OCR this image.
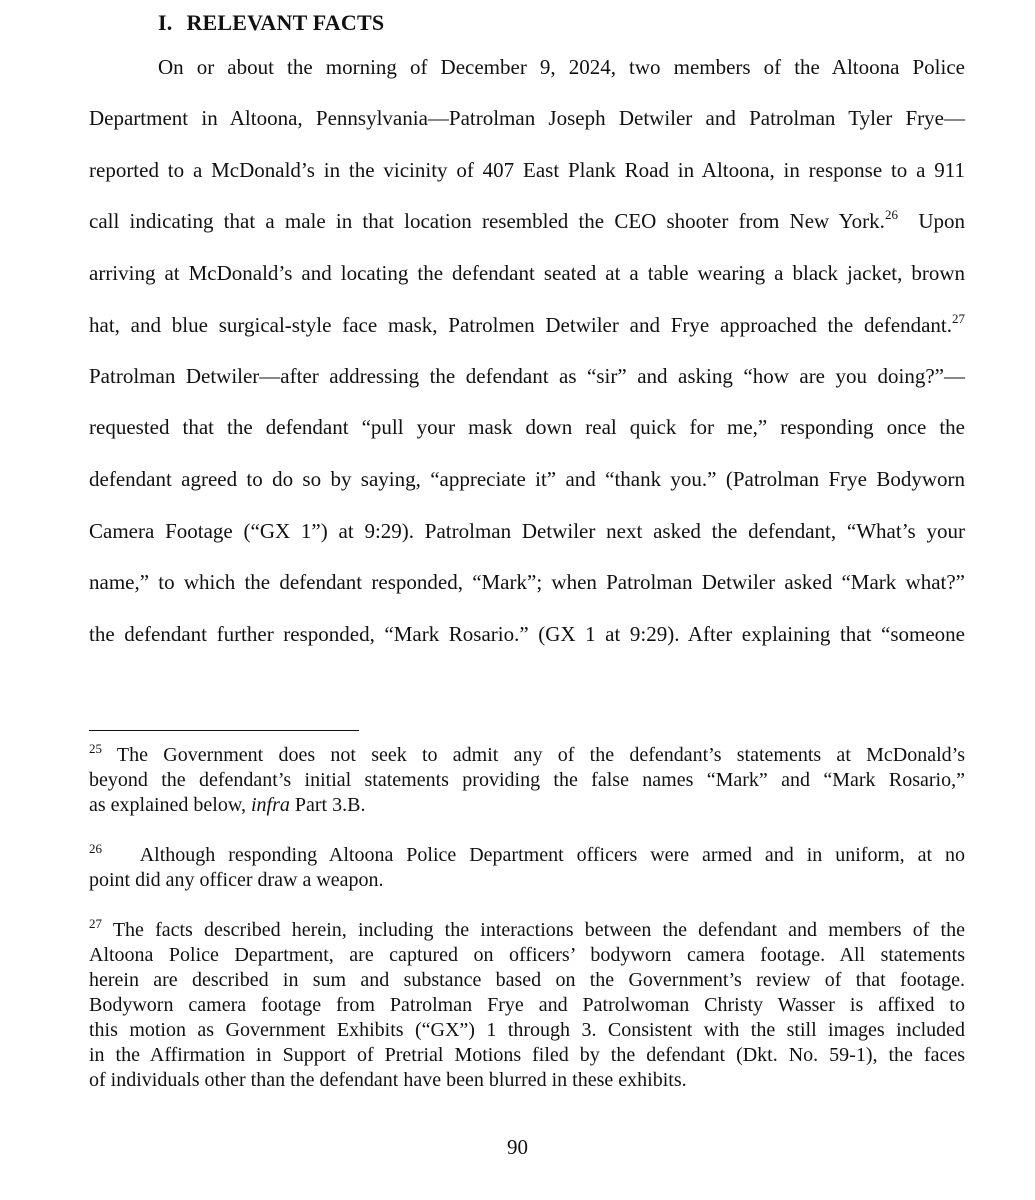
I. RELEVANT FACTS
On or about the morning of December 9, 2024, two members of the Altoona Police
Department in Altoona, Pennsylvania—Patrolman Joseph Detwiler and Patrolman Tyler Frye—
reported to a McDonald’s in the vicinity of 407 East Plank Road in Altoona, in response to a 911
call indicating that a male in that location resembled the CEO shooter from New York.$^{26}$ Upon
arriving at McDonald’s and locating the defendant seated at a table wearing a black jacket, brown
hat, and blue surgical-style face mask, Patrolmen Detwiler and Frye approached the defendant.$^{27}$
Patrolman Detwiler—after addressing the defendant as “sir” and asking “how are you doing?”—
requested that the defendant “pull your mask down real quick for me,” responding once the
defendant agreed to do so by saying, “appreciate it” and “thank you.” (Patrolman Frye Bodyworn
Camera Footage (“GX 1”) at 9:29). Patrolman Detwiler next asked the defendant, “What’s your
name,” to which the defendant responded, “Mark”; when Patrolman Detwiler asked “Mark what?”
the defendant further responded, “Mark Rosario.” (GX 1 at 9:29). After explaining that “someone
$^{25}$ The Government does not seek to admit any of the defendant’s statements at McDonald’s
beyond the defendant’s initial statements providing the false names “Mark” and “Mark Rosario,”
as explained below, infra Part 3.B.
$^{26}$ Although responding Altoona Police Department officers were armed and in uniform, at no
point did any officer draw a weapon.
$^{27}$ The facts described herein, including the interactions between the defendant and members of the
Altoona Police Department, are captured on officers’ bodyworn camera footage. All statements
herein are described in sum and substance based on the Government’s review of that footage.
Bodyworn camera footage from Patrolman Frye and Patrolwoman Christy Wasser is affixed to
this motion as Government Exhibits (“GX”) 1 through 3. Consistent with the still images included
in the Affirmation in Support of Pretrial Motions filed by the defendant (Dkt. No. 59-1), the faces
of individuals other than the defendant have been blurred in these exhibits.
90
